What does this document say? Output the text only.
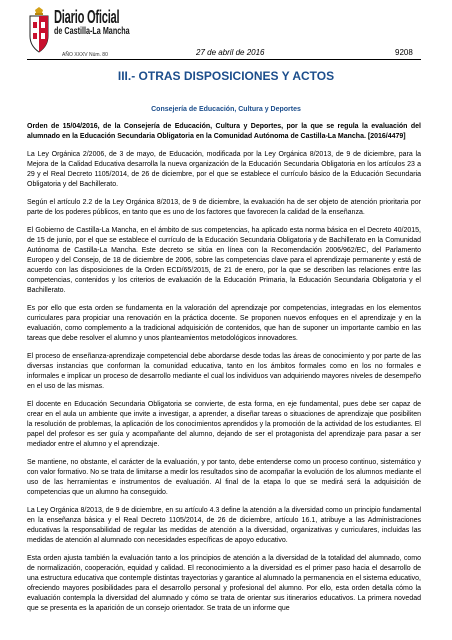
Diario Oficial
de Castilla-La Mancha
AÑO XXXV Núm. 80	27 de abril de 2016	9208
III.- OTRAS DISPOSICIONES Y ACTOS
Consejería de Educación, Cultura y Deportes

Orden de 15/04/2016, de la Consejería de Educación, Cultura y Deportes, por la que se regula la evaluación del alumnado en la Educación Secundaria Obligatoria en la Comunidad Autónoma de Castilla-La Mancha. [2016/4479]

La Ley Orgánica 2/2006, de 3 de mayo, de Educación, modificada por la Ley Orgánica 8/2013, de 9 de diciembre, para la Mejora de la Calidad Educativa desarrolla la nueva organización de la Educación Secundaria Obligatoria en los artículos 23 a 29 y el Real Decreto 1105/2014, de 26 de diciembre, por el que se establece el currículo básico de la Educación Secundaria Obligatoria y del Bachillerato.

Según el artículo 2.2 de la Ley Orgánica 8/2013, de 9 de diciembre, la evaluación ha de ser objeto de atención prioritaria por parte de los poderes públicos, en tanto que es uno de los factores que favorecen la calidad de la enseñanza.

El Gobierno de Castilla-La Mancha, en el ámbito de sus competencias, ha aplicado esta norma básica en el Decreto 40/2015, de 15 de junio, por el que se establece el currículo de la Educación Secundaria Obligatoria y de Bachillerato en la Comunidad Autónoma de Castilla-La Mancha. Este decreto se sitúa en línea con la Recomendación 2006/962/EC, del Parlamento Europeo y del Consejo, de 18 de diciembre de 2006, sobre las competencias clave para el aprendizaje permanente y está de acuerdo con las disposiciones de la Orden ECD/65/2015, de 21 de enero, por la que se describen las relaciones entre las competencias, contenidos y los criterios de evaluación de la Educación Primaria, la Educación Secundaria Obligatoria y el Bachillerato.

Es por ello que esta orden se fundamenta en la valoración del aprendizaje por competencias, integradas en los elementos curriculares para propiciar una renovación en la práctica docente. Se proponen nuevos enfoques en el aprendizaje y en la evaluación, como complemento a la tradicional adquisición de contenidos, que han de suponer un importante cambio en las tareas que debe resolver el alumno y unos planteamientos metodológicos innovadores.

El proceso de enseñanza-aprendizaje competencial debe abordarse desde todas las áreas de conocimiento y por parte de las diversas instancias que conforman la comunidad educativa, tanto en los ámbitos formales como en los no formales e informales e implicar un proceso de desarrollo mediante el cual los individuos van adquiriendo mayores niveles de desempeño en el uso de las mismas.

El docente en Educación Secundaria Obligatoria se convierte, de esta forma, en eje fundamental, pues debe ser capaz de crear en el aula un ambiente que invite a investigar, a aprender, a diseñar tareas o situaciones de aprendizaje que posibiliten la resolución de problemas, la aplicación de los conocimientos aprendidos y la promoción de la actividad de los estudiantes. El papel del profesor es ser guía y acompañante del alumno, dejando de ser el protagonista del aprendizaje para pasar a ser mediador entre el alumno y el aprendizaje.

Se mantiene, no obstante, el carácter de la evaluación, y por tanto, debe entenderse como un proceso continuo, sistemático y con valor formativo. No se trata de limitarse a medir los resultados sino de acompañar la evolución de los alumnos mediante el uso de las herramientas e instrumentos de evaluación. Al final de la etapa lo que se medirá será la adquisición de competencias que un alumno ha conseguido.

La Ley Orgánica 8/2013, de 9 de diciembre, en su artículo 4.3 define la atención a la diversidad como un principio fundamental en la enseñanza básica y el Real Decreto 1105/2014, de 26 de diciembre, artículo 16.1, atribuye a las Administraciones educativas la responsabilidad de regular las medidas de atención a la diversidad, organizativas y curriculares, incluidas las medidas de atención al alumnado con necesidades específicas de apoyo educativo.

Esta orden ajusta también la evaluación tanto a los principios de atención a la diversidad de la totalidad del alumnado, como de normalización, cooperación, equidad y calidad. El reconocimiento a la diversidad es el primer paso hacia el desarrollo de una estructura educativa que contemple distintas trayectorias y garantice al alumnado la permanencia en el sistema educativo, ofreciendo mayores posibilidades para el desarrollo personal y profesional del alumno. Por ello, esta orden detalla cómo la evaluación contempla la diversidad del alumnado y cómo se trata de orientar sus itinerarios educativos. La primera novedad que se presenta es la aparición de un consejo orientador. Se trata de un informe que
